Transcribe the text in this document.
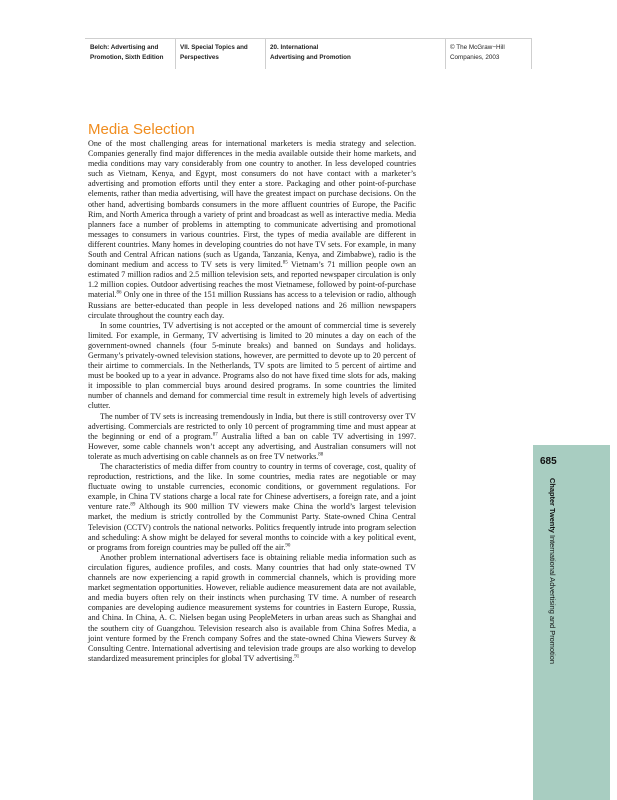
Belch: Advertising and
Promotion, Sixth Edition
VII. Special Topics and
Perspectives
20. International
Advertising and Promotion
© The McGraw−Hill
Companies, 2003
Media Selection

One of the most challenging areas for international marketers is media strategy and selection. Companies generally find major differences in the media available outside their home markets, and media conditions may vary considerably from one country to another. In less developed countries such as Vietnam, Kenya, and Egypt, most consumers do not have contact with a marketer’s advertising and promotion efforts until they enter a store. Packaging and other point-of-purchase elements, rather than media advertising, will have the greatest impact on purchase decisions. On the other hand, advertising bombards consumers in the more affluent countries of Europe, the Pacific Rim, and North America through a variety of print and broadcast as well as interactive media. Media planners face a number of problems in attempting to communicate advertising and promotional messages to consumers in various countries. First, the types of media available are different in different countries. Many homes in developing countries do not have TV sets. For example, in many South and Central African nations (such as Uganda, Tanzania, Kenya, and Zimbabwe), radio is the dominant medium and access to TV sets is very limited.$^{85}$ Vietnam’s 71 million people own an estimated 7 million radios and 2.5 million television sets, and reported newspaper circulation is only 1.2 million copies. Outdoor advertising reaches the most Vietnamese, followed by point-of-purchase material.$^{86}$ Only one in three of the 151 million Russians has access to a television or radio, although Russians are better-educated than people in less developed nations and 26 million newspapers circulate throughout the country each day.

In some countries, TV advertising is not accepted or the amount of commercial time is severely limited. For example, in Germany, TV advertising is limited to 20 minutes a day on each of the government-owned channels (four 5-minute breaks) and banned on Sundays and holidays. Germany’s privately-owned television stations, however, are permitted to devote up to 20 percent of their airtime to commercials. In the Netherlands, TV spots are limited to 5 percent of airtime and must be booked up to a year in advance. Programs also do not have fixed time slots for ads, making it impossible to plan commercial buys around desired programs. In some countries the limited number of channels and demand for commercial time result in extremely high levels of advertising clutter.

The number of TV sets is increasing tremendously in India, but there is still controversy over TV advertising. Commercials are restricted to only 10 percent of programming time and must appear at the beginning or end of a program.$^{87}$ Australia lifted a ban on cable TV advertising in 1997. However, some cable channels won’t accept any advertising, and Australian consumers will not tolerate as much advertising on cable channels as on free TV networks.$^{88}$

The characteristics of media differ from country to country in terms of coverage, cost, quality of reproduction, restrictions, and the like. In some countries, media rates are negotiable or may fluctuate owing to unstable currencies, economic conditions, or government regulations. For example, in China TV stations charge a local rate for Chinese advertisers, a foreign rate, and a joint venture rate.$^{89}$ Although its 900 million TV viewers make China the world’s largest television market, the medium is strictly controlled by the Communist Party. State-owned China Central Television (CCTV) controls the national networks. Politics frequently intrude into program selection and scheduling: A show might be delayed for several months to coincide with a key political event, or programs from foreign countries may be pulled off the air.$^{90}$

Another problem international advertisers face is obtaining reliable media information such as circulation figures, audience profiles, and costs. Many countries that had only state-owned TV channels are now experiencing a rapid growth in commercial channels, which is providing more market segmentation opportunities. However, reliable audience measurement data are not available, and media buyers often rely on their instincts when purchasing TV time. A number of research companies are developing audience measurement systems for countries in Eastern Europe, Russia, and China. In China, A. C. Nielsen began using PeopleMeters in urban areas such as Shanghai and the southern city of Guangzhou. Television research also is available from China Sofres Media, a joint venture formed by the French company Sofres and the state-owned China Viewers Survey & Consulting Centre. International advertising and television trade groups are also working to develop standardized measurement principles for global TV advertising.$^{91}$

685
Chapter Twenty International Advertising and Promotion
